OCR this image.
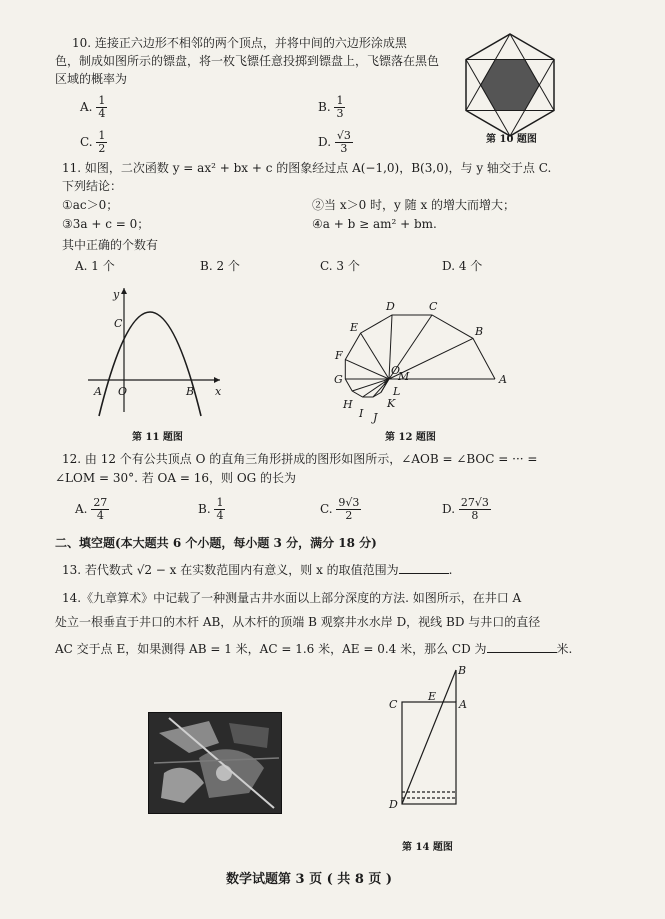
10. 连接正六边形不相邻的两个顶点，并将中间的六边形涂成黑
色，制成如图所示的镖盘，将一枚飞镖任意投掷到镖盘上，飞镖落在黑色
区域的概率为
A. $\frac{1}{4}$	B. $\frac{1}{3}$
C. $\frac{1}{2}$	D. $\frac{√3}{3}$	第 10 题图
11. 如图，二次函数 y = ax² + bx + c 的图象经过点 A(−1,0)，B(3,0)，与 y 轴交于点 C.
下列结论：
①ac＞0；	②当 x＞0 时，y 随 x 的增大而增大；
③3a + c = 0；	④a + b ≥ am² + bm.
其中正确的个数有
A. 1 个	B. 2 个	C. 3 个	D. 4 个
y
x
C
A O	B
第 11 题图
A
B
C
D
E
F
G
H
I J
K
L
M
O
第 12 题图
12. 由 12 个有公共顶点 O 的直角三角形拼成的图形如图所示，∠AOB = ∠BOC = ··· =
∠LOM = 30°. 若 OA = 16，则 OG 的长为
A. $\frac{27}{4}$	B. $\frac{1}{4}$	C. $\frac{9√3}{2}$	D. $\frac{27√3}{8}$
二、填空题(本大题共 6 个小题，每小题 3 分，满分 18 分)
13. 若代数式 √2 − x 在实数范围内有意义，则 x 的取值范围为	.
14.《九章算术》中记载了一种测量古井水面以上部分深度的方法. 如图所示，在井口 A
处立一根垂直于井口的木杆 AB，从木杆的顶端 B 观察井水水岸 D，视线 BD 与井口的直径
AC 交于点 E，如果测得 AB = 1 米，AC = 1.6 米，AE = 0.4 米，那么 CD 为	米.
B
C
E
A
D
第 14 题图
数学试题第 3 页 ( 共 8 页 )
